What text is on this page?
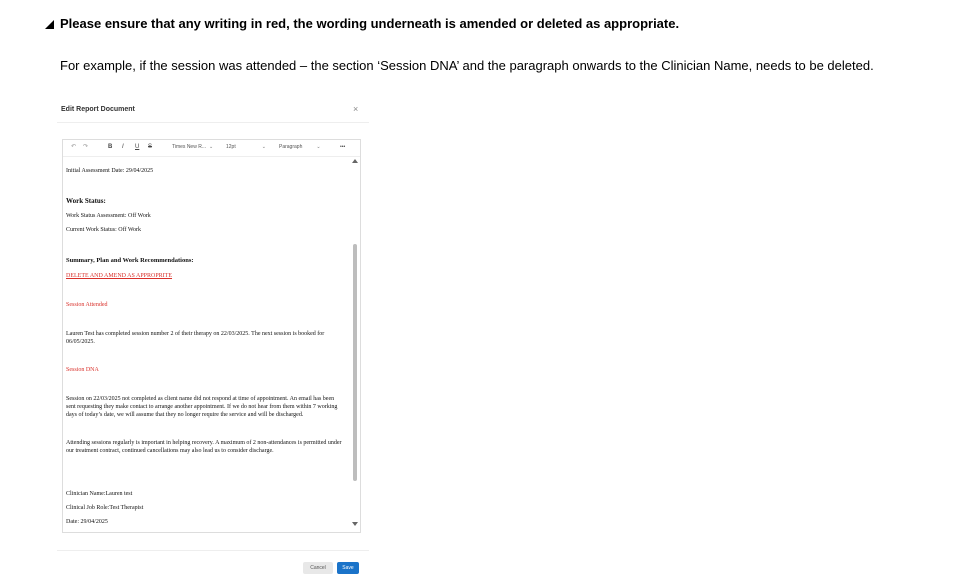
Please ensure that any writing in red, the wording underneath is amended or deleted as appropriate.
For example, if the session was attended – the section ‘Session DNA’ and the paragraph onwards to the Clinician Name, needs to be deleted.
Edit Report Document	×
↶ ↷	B I U S	Times New R... ⌄	12pt	⌄	Paragraph	⌄	•••
Initial Assessment Date: 29/04/2025
Work Status:
Work Status Assessment: Off Work
Current Work Status: Off Work
Summary, Plan and Work Recommendations:
DELETE AND AMEND AS APPROPRITE
Session Attended
Lauren Test has completed session number 2 of their therapy on 22/03/2025. The next session is booked for 06/05/2025.
Session DNA
Session on 22/03/2025 not completed as client name did not respond at time of appointment. An email has been sent requesting they make contact to arrange another appointment. If we do not hear from them within 7 working days of today’s date, we will assume that they no longer require the service and will be discharged.
Attending sessions regularly is important in helping recovery. A maximum of 2 non-attendances is permitted under our treatment contract, continued cancellations may also lead us to consider discharge.
Clinician Name:Lauren test
Clinical Job Role:Test Therapist
Date: 29/04/2025
Cancel	Save
